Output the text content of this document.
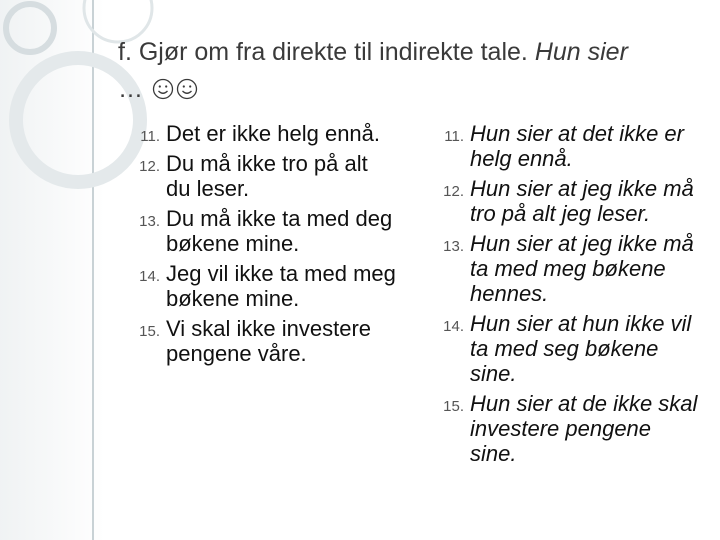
f. Gjør om fra direkte til indirekte tale. Hun sier
…
11. Det er ikke helg ennå.
12. Du må ikke tro på alt du leser.
13. Du må ikke ta med deg bøkene mine.
14. Jeg vil ikke ta med meg bøkene mine.
15. Vi skal ikke investere pengene våre.
11. Hun sier at det ikke er helg ennå.
12. Hun sier at jeg ikke må tro på alt jeg leser.
13. Hun sier at jeg ikke må ta med meg bøkene hennes.
14. Hun sier at hun ikke vil ta med seg bøkene sine.
15. Hun sier at de ikke skal investere pengene sine.
